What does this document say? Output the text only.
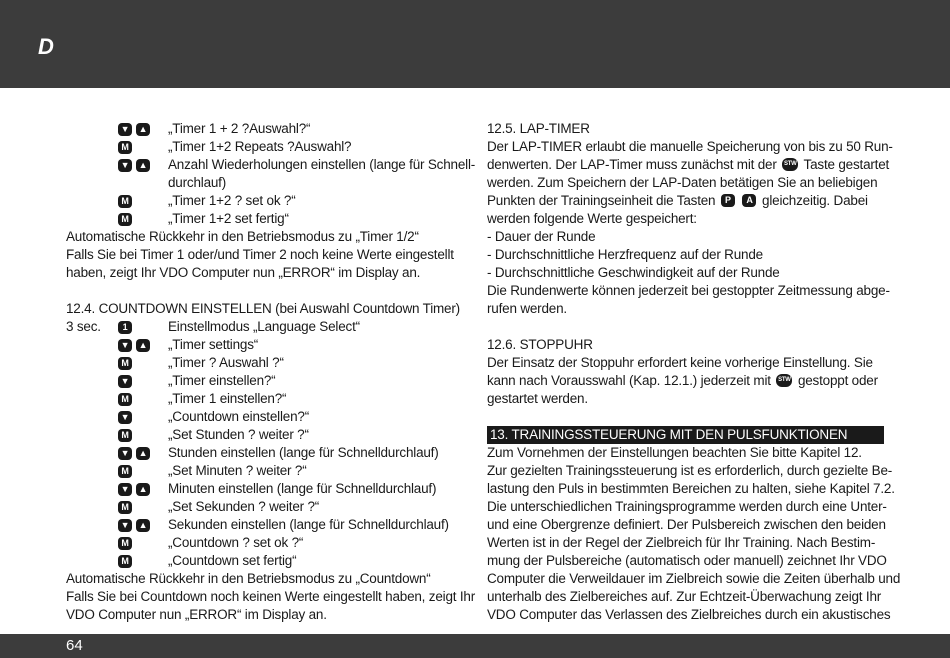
D
▼ ▲ „Timer 1 + 2 ?Auswahl?“
M	„Timer 1+2 Repeats ?Auswahl?
▼ ▲ Anzahl Wiederholungen einstellen (lange für Schnell-
durchlauf)
M	„Timer 1+2 ? set ok ?“
M	„Timer 1+2 set fertig“
Automatische Rückkehr in den Betriebsmodus zu „Timer 1/2“
Falls Sie bei Timer 1 oder/und Timer 2 noch keine Werte eingestellt
haben, zeigt Ihr VDO Computer nun „ERROR“ im Display an.
12.4. COUNTDOWN EINSTELLEN (bei Auswahl Countdown Timer)
3 sec.	1	Einstellmodus „Language Select“
▼ ▲ „Timer settings“
M	„Timer ? Auswahl ?“
▼	„Timer einstellen?“
M	„Timer 1 einstellen?“
▼	„Countdown einstellen?“
M	„Set Stunden ? weiter ?“
▼ ▲ Stunden einstellen (lange für Schnelldurchlauf)
M	„Set Minuten ? weiter ?“
▼ ▲ Minuten einstellen (lange für Schnelldurchlauf)
M	„Set Sekunden ? weiter ?“
▼ ▲ Sekunden einstellen (lange für Schnelldurchlauf)
M	„Countdown ? set ok ?“
M	„Countdown set fertig“
Automatische Rückkehr in den Betriebsmodus zu „Countdown“
Falls Sie bei Countdown noch keinen Werte eingestellt haben, zeigt Ihr
VDO Computer nun „ERROR“ im Display an.
12.5. LAP-TIMER
Der LAP-TIMER erlaubt die manuelle Speicherung von bis zu 50 Run-
denwerten. Der LAP-Timer muss zunächst mit der STW Taste gestartet
werden. Zum Speichern der LAP-Daten betätigen Sie an beliebigen
Punkten der Trainingseinheit die Tasten P A gleichzeitig. Dabei
werden folgende Werte gespeichert:
- Dauer der Runde
- Durchschnittliche Herzfrequenz auf der Runde
- Durchschnittliche Geschwindigkeit auf der Runde
Die Rundenwerte können jederzeit bei gestoppter Zeitmessung abge-
rufen werden.
12.6. STOPPUHR
Der Einsatz der Stoppuhr erfordert keine vorherige Einstellung. Sie
kann nach Vorausswahl (Kap. 12.1.) jederzeit mit STW gestoppt oder
gestartet werden.
13. TRAININGSSTEUERUNG MIT DEN PULSFUNKTIONEN
Zum Vornehmen der Einstellungen beachten Sie bitte Kapitel 12.
Zur gezielten Trainingssteuerung ist es erforderlich, durch gezielte Be-
lastung den Puls in bestimmten Bereichen zu halten, siehe Kapitel 7.2.
Die unterschiedlichen Trainingsprogramme werden durch eine Unter-
und eine Obergrenze definiert. Der Pulsbereich zwischen den beiden
Werten ist in der Regel der Zielbreich für Ihr Training. Nach Bestim-
mung der Pulsbereiche (automatisch oder manuell) zeichnet Ihr VDO
Computer die Verweildauer im Zielbreich sowie die Zeiten überhalb und
unterhalb des Zielbereiches auf. Zur Echtzeit-Überwachung zeigt Ihr
VDO Computer das Verlassen des Zielbreiches durch ein akustisches
64
